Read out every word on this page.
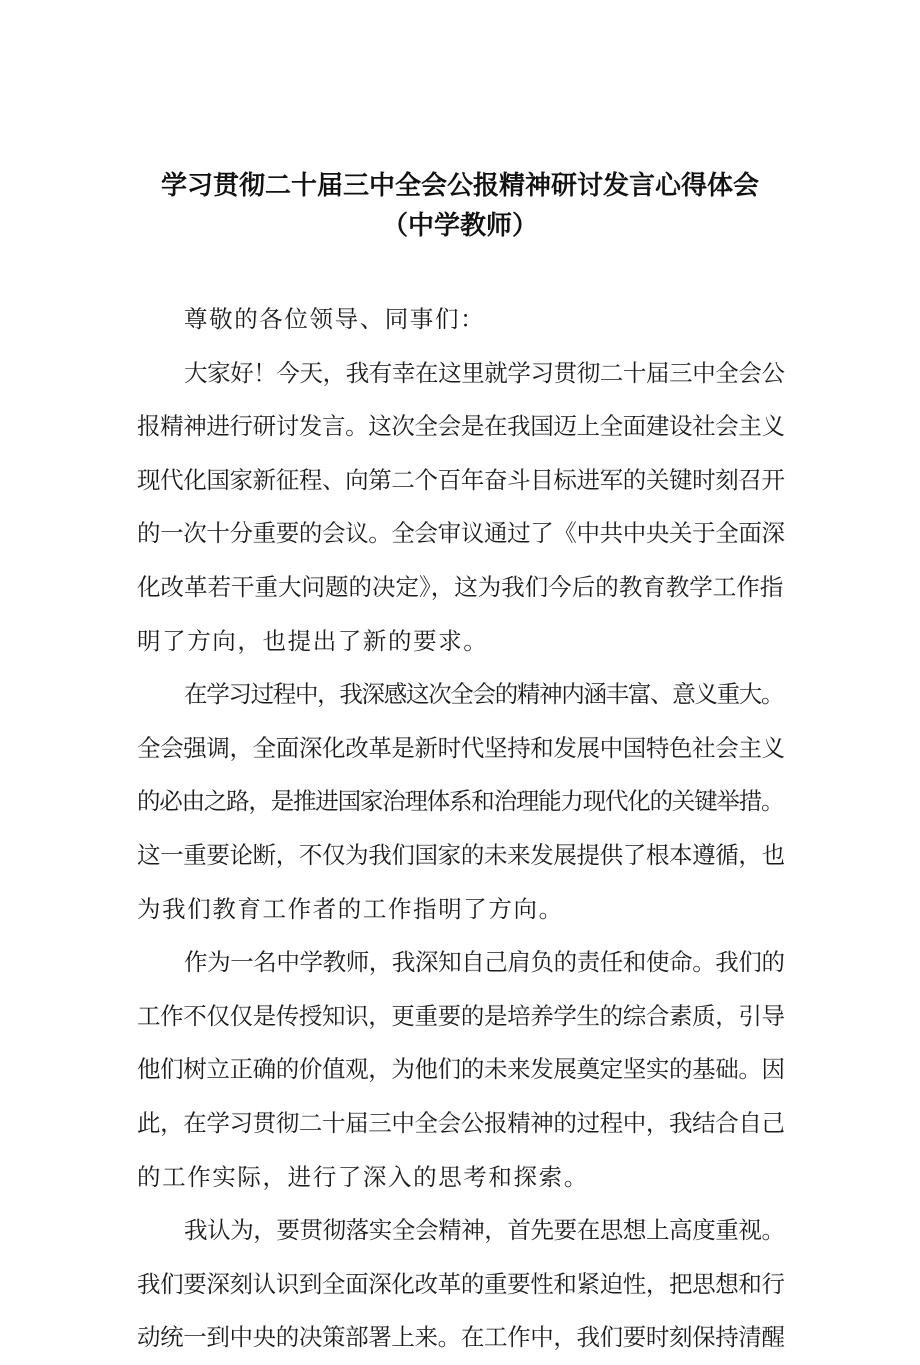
学习贯彻二十届三中全会公报精神研讨发言心得体会
（中学教师）
尊敬的各位领导、同事们：
大家好！今天，我有幸在这里就学习贯彻二十届三中全会公
报精神进行研讨发言。这次全会是在我国迈上全面建设社会主义
现代化国家新征程、向第二个百年奋斗目标进军的关键时刻召开
的一次十分重要的会议。全会审议通过了《中共中央关于全面深
化改革若干重大问题的决定》，这为我们今后的教育教学工作指
明了方向，也提出了新的要求。
在学习过程中，我深感这次全会的精神内涵丰富、意义重大。
全会强调，全面深化改革是新时代坚持和发展中国特色社会主义
的必由之路，是推进国家治理体系和治理能力现代化的关键举措。
这一重要论断，不仅为我们国家的未来发展提供了根本遵循，也
为我们教育工作者的工作指明了方向。
作为一名中学教师，我深知自己肩负的责任和使命。我们的
工作不仅仅是传授知识，更重要的是培养学生的综合素质，引导
他们树立正确的价值观，为他们的未来发展奠定坚实的基础。因
此，在学习贯彻二十届三中全会公报精神的过程中，我结合自己
的工作实际，进行了深入的思考和探索。
我认为，要贯彻落实全会精神，首先要在思想上高度重视。
我们要深刻认识到全面深化改革的重要性和紧迫性，把思想和行
动统一到中央的决策部署上来。在工作中，我们要时刻保持清醒
